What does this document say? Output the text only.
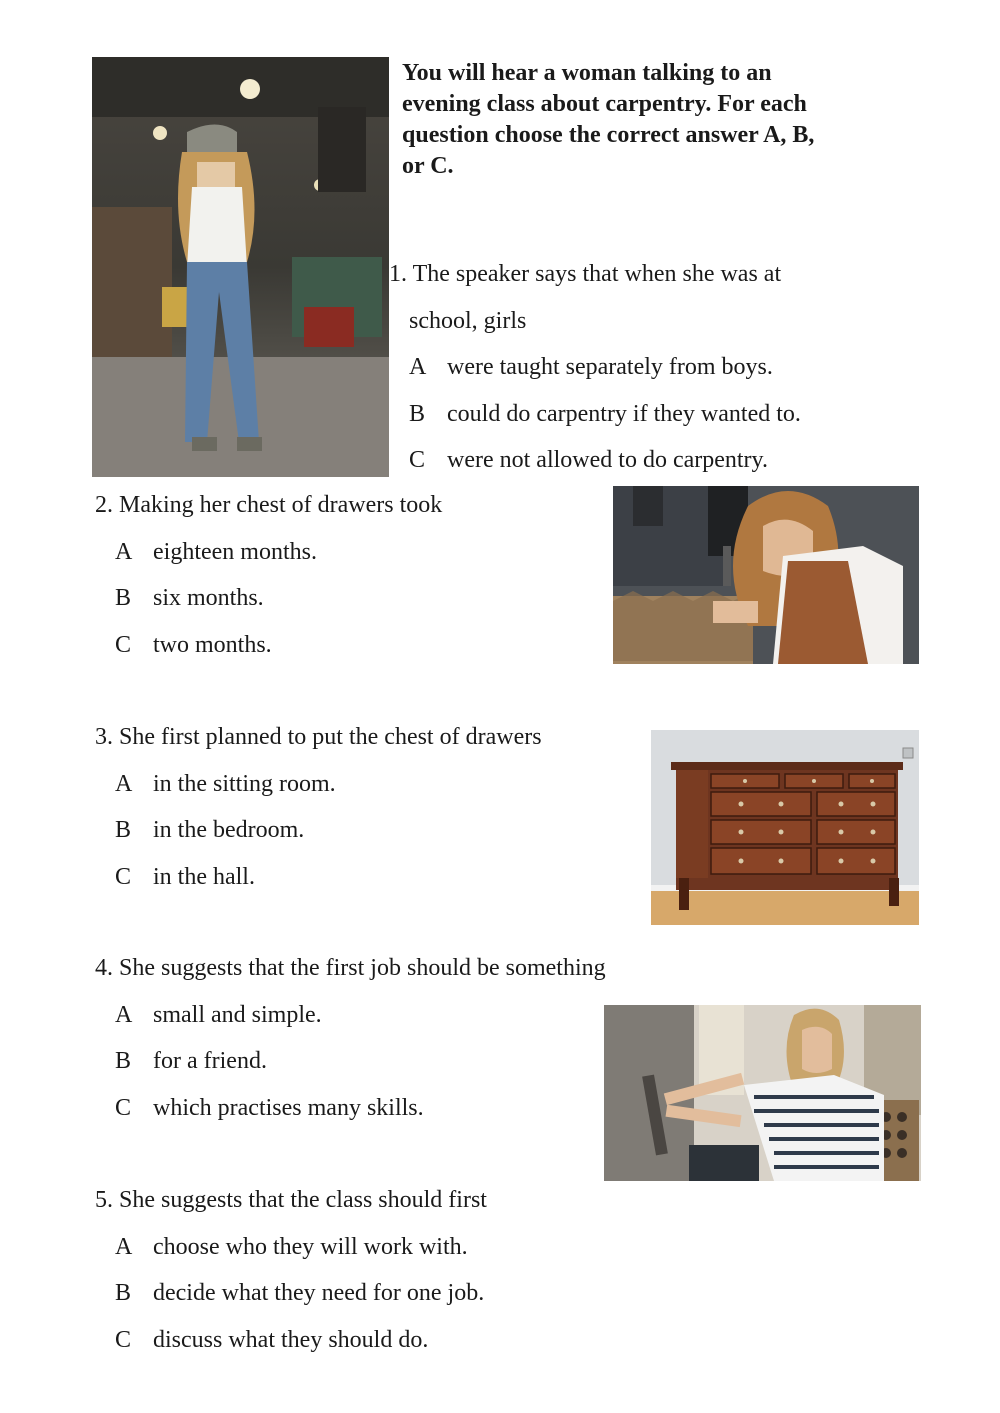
You will hear a woman talking to an evening class about carpentry. For each question choose the correct answer A, B, or C.
1. The speaker says that when she was at
school, girls
A were taught separately from boys.
B could do carpentry if they wanted to.
C were not allowed to do carpentry.
2. Making her chest of drawers took
A eighteen months.
B six months.
C two months.
3. She first planned to put the chest of drawers
A in the sitting room.
B in the bedroom.
C in the hall.
4. She suggests that the first job should be something
A small and simple.
B for a friend.
C which practises many skills.
5. She suggests that the class should first
A choose who they will work with.
B decide what they need for one job.
C discuss what they should do.
